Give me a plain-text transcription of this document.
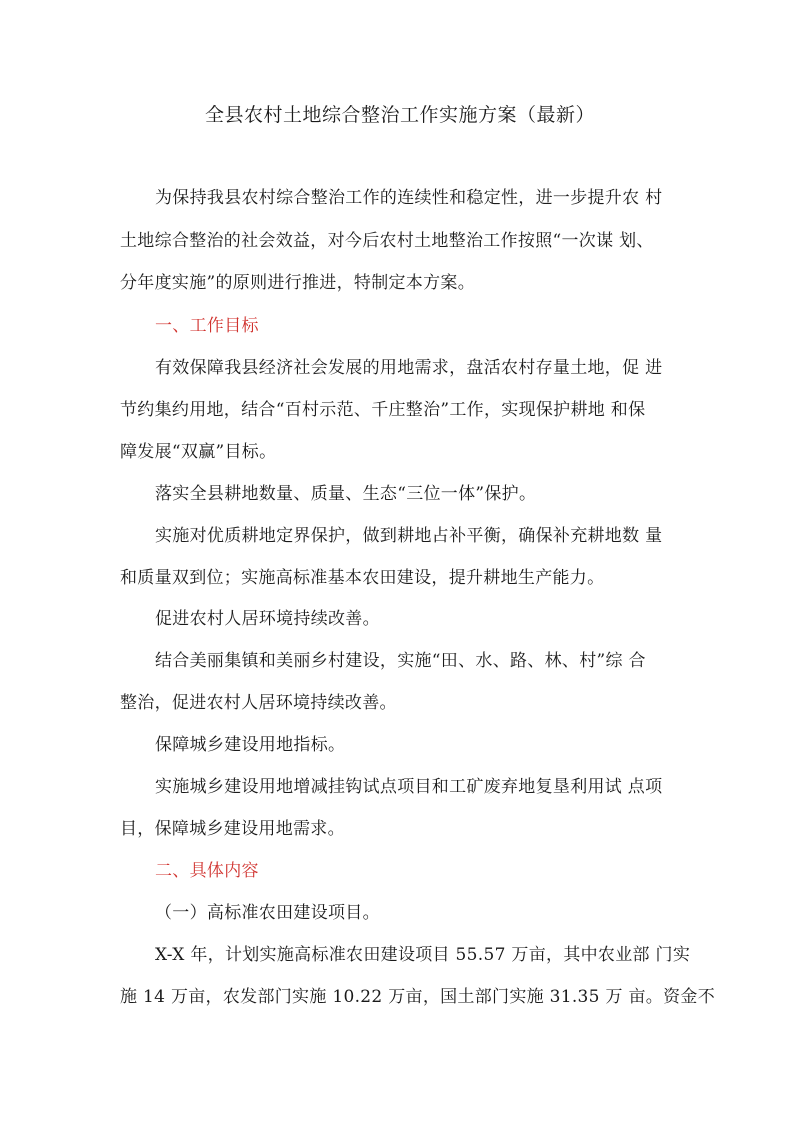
全县农村土地综合整治工作实施方案（最新）
为保持我县农村综合整治工作的连续性和稳定性，进一步提升农 村
土地综合整治的社会效益，对今后农村土地整治工作按照“一次谋 划、
分年度实施”的原则进行推进，特制定本方案。
一、工作目标
有效保障我县经济社会发展的用地需求，盘活农村存量土地，促 进
节约集约用地，结合“百村示范、千庄整治”工作，实现保护耕地 和保
障发展“双赢”目标。
落实全县耕地数量、质量、生态“三位一体”保护。
实施对优质耕地定界保护，做到耕地占补平衡，确保补充耕地数 量
和质量双到位；实施高标准基本农田建设，提升耕地生产能力。
促进农村人居环境持续改善。
结合美丽集镇和美丽乡村建设，实施“田、水、路、林、村”综 合
整治，促进农村人居环境持续改善。
保障城乡建设用地指标。
实施城乡建设用地增减挂钩试点项目和工矿废弃地复垦利用试 点项
目，保障城乡建设用地需求。
二、具体内容
（一）高标准农田建设项目。
X-X 年，计划实施高标准农田建设项目 55.57 万亩，其中农业部 门实
施 14 万亩，农发部门实施 10.22 万亩，国土部门实施 31.35 万 亩。资金不
